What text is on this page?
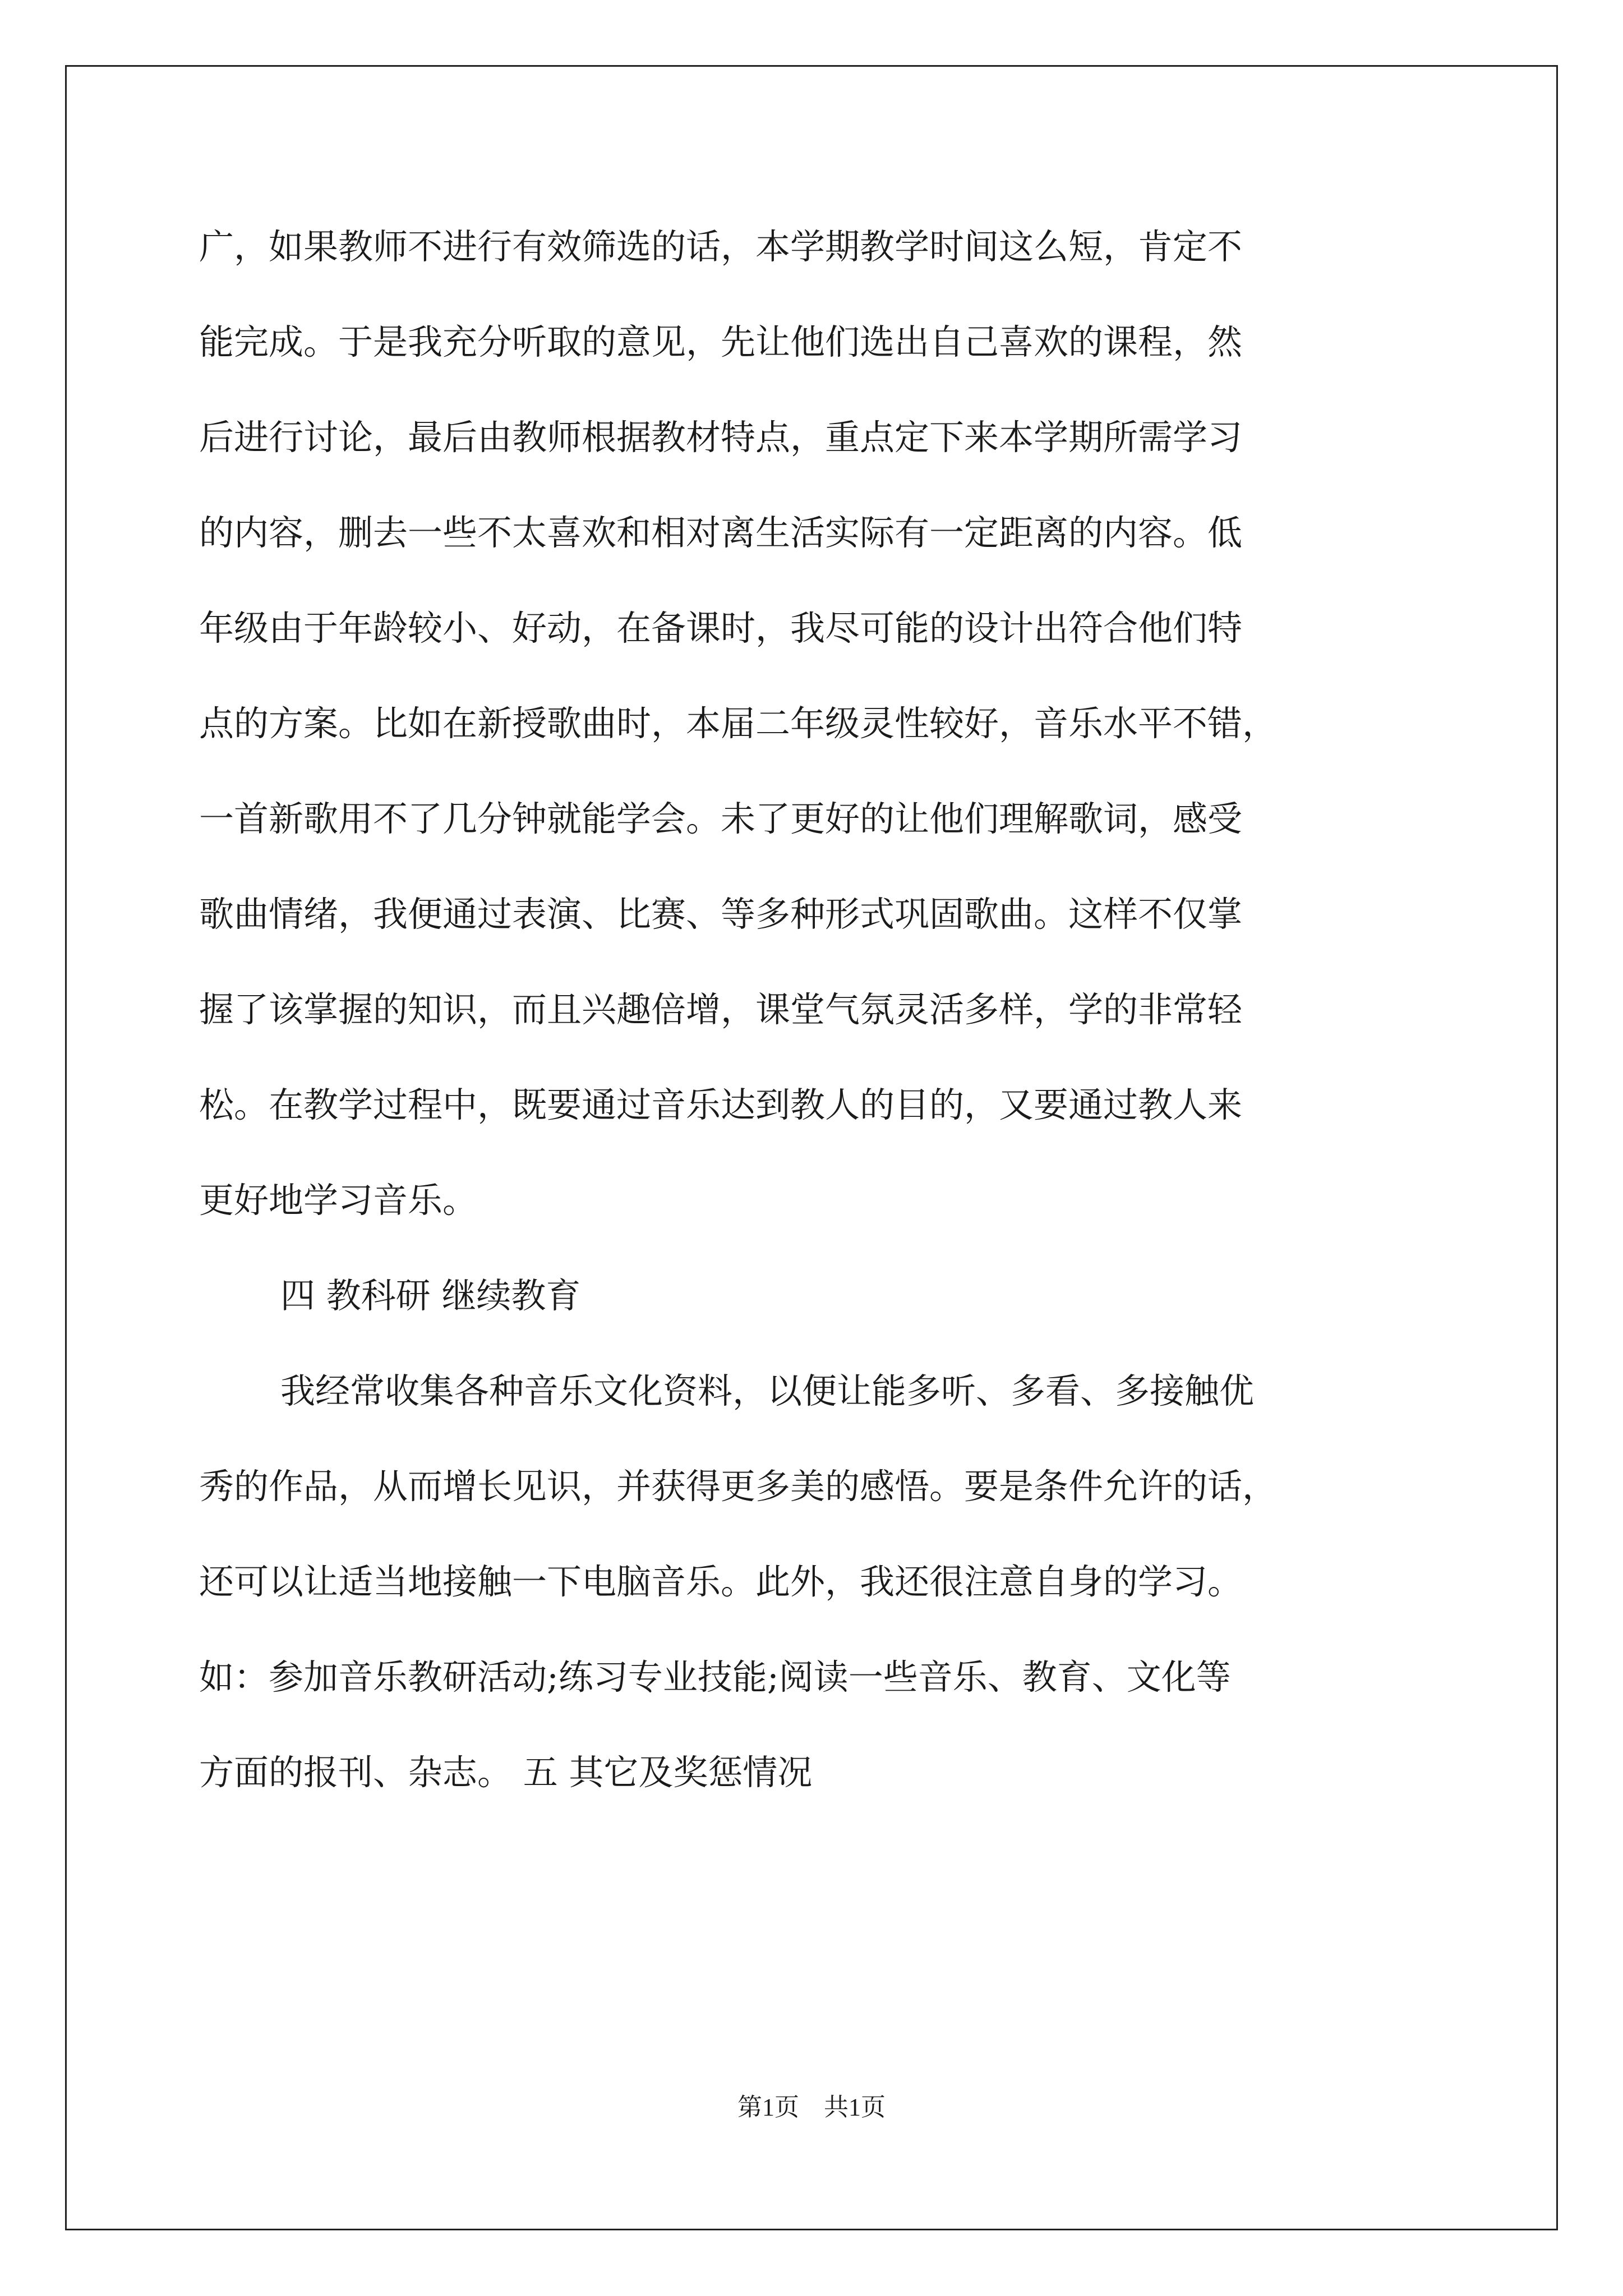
广，如果教师不进行有效筛选的话，本学期教学时间这么短，肯定不
能完成。于是我充分听取的意见，先让他们选出自己喜欢的课程，然
后进行讨论，最后由教师根据教材特点，重点定下来本学期所需学习
的内容，删去一些不太喜欢和相对离生活实际有一定距离的内容。低
年级由于年龄较小、好动，在备课时，我尽可能的设计出符合他们特
点的方案。比如在新授歌曲时，本届二年级灵性较好，音乐水平不错，
一首新歌用不了几分钟就能学会。未了更好的让他们理解歌词，感受
歌曲情绪，我便通过表演、比赛、等多种形式巩固歌曲。这样不仅掌
握了该掌握的知识，而且兴趣倍增，课堂气氛灵活多样，学的非常轻
松。在教学过程中，既要通过音乐达到教人的目的，又要通过教人来
更好地学习音乐。
四 教科研 继续教育
我经常收集各种音乐文化资料，以便让能多听、多看、多接触优
秀的作品，从而增长见识，并获得更多美的感悟。要是条件允许的话，
还可以让适当地接触一下电脑音乐。此外，我还很注意自身的学习。
如：参加音乐教研活动;练习专业技能;阅读一些音乐、教育、文化等
方面的报刊、杂志。 五 其它及奖惩情况
第1页　共1页
